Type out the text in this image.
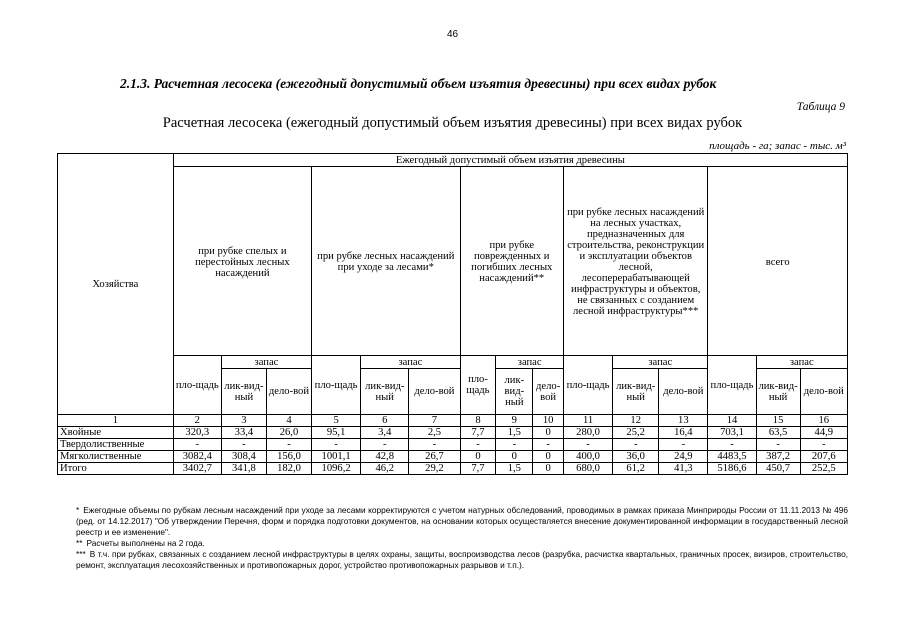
46
2.1.3. Расчетная лесосека (ежегодный допустимый объем изъятия древесины) при всех видах рубок
Таблица 9
Расчетная лесосека (ежегодный допустимый объем изъятия древесины) при всех видах рубок
площадь - га; запас - тыс. м³
Хозяйства	Ежегодный допустимый объем изъятия древесины														
	при рубке спелых и перестойных лесных насаждений			при рубке лесных насаждений при уходе за лесами*			при рубке поврежденных и погибших лесных насаждений**			при рубке лесных насаждений на лесных участках, предназначенных для строительства, реконструкции и эксплуатации объектов лесной, лесоперерабатывающей инфраструктуры и объектов, не связанных с созданием лесной инфраструктуры***			всего		
	пло-щадь	запас		пло-щадь	запас		пло-щадь	запас		пло-щадь	запас		пло-щадь	запас	
		лик-вид-ный	дело-вой		лик-вид-ный	дело-вой		лик-вид-ный	дело-вой		лик-вид-ный	дело-вой		лик-вид-ный	дело-вой
1	2	3	4	5	6	7	8	9	10	11	12	13	14	15	16
Хвойные	320,3	33,4	26,0	95,1	3,4	2,5	7,7	1,5	0	280,0	25,2	16,4	703,1	63,5	44,9
Твердолиственные	-	-	-	-	-	-	-	-	-	-	-	-	-	-	-
Мягколиственные	3082,4	308,4	156,0	1001,1	42,8	26,7	0	0	0	400,0	36,0	24,9	4483,5	387,2	207,6
Итого	3402,7	341,8	182,0	1096,2	46,2	29,2	7,7	1,5	0	680,0	61,2	41,3	5186,6	450,7	252,5

* Ежегодные объемы по рубкам лесным насаждений при уходе за лесами корректируются с учетом натурных обследований, проводимых в рамках приказа Минприроды России от 11.11.2013 № 496 (ред. от 14.12.2017) "Об утверждении Перечня, форм и порядка подготовки документов, на основании которых осуществляется внесение документированной информации в государственный лесной реестр и ее изменение".

** Расчеты выполнены на 2 года.

*** В т.ч. при рубках, связанных с созданием лесной инфраструктуры в целях охраны, защиты, воспроизводства лесов (разрубка, расчистка квартальных, граничных просек, визиров, строительство, ремонт, эксплуатация лесохозяйственных и противопожарных дорог, устройство противопожарных разрывов и т.п.).
